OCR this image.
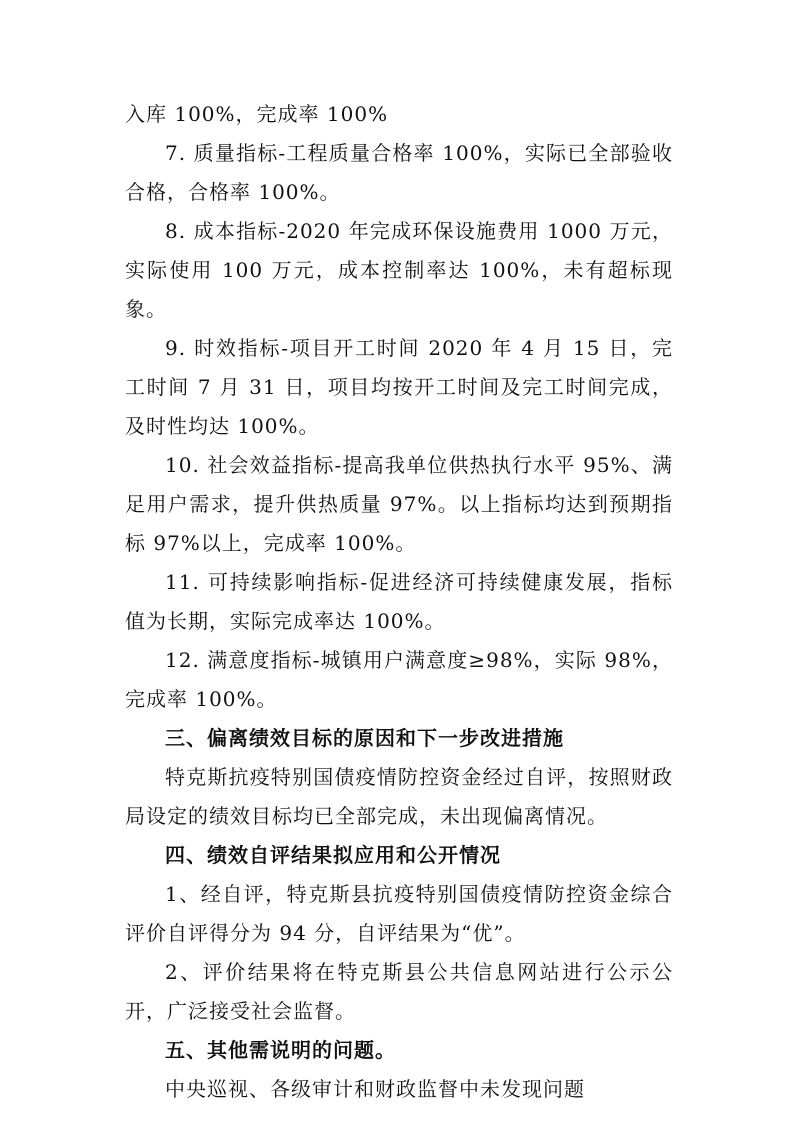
入库 100%，完成率 100%

7. 质量指标-工程质量合格率 100%，实际已全部验收合格，合格率 100%。

8. 成本指标-2020 年完成环保设施费用 1000 万元，实际使用 100 万元，成本控制率达 100%，未有超标现象。

9. 时效指标-项目开工时间 2020 年 4 月 15 日，完工时间 7 月 31 日，项目均按开工时间及完工时间完成，及时性均达 100%。

10. 社会效益指标-提高我单位供热执行水平 95%、满足用户需求，提升供热质量 97%。以上指标均达到预期指标 97%以上，完成率 100%。

11. 可持续影响指标-促进经济可持续健康发展，指标值为长期，实际完成率达 100%。

12. 满意度指标-城镇用户满意度≥98%，实际 98%，完成率 100%。

三、偏离绩效目标的原因和下一步改进措施

特克斯抗疫特别国债疫情防控资金经过自评，按照财政局设定的绩效目标均已全部完成，未出现偏离情况。

四、绩效自评结果拟应用和公开情况

1、经自评，特克斯县抗疫特别国债疫情防控资金综合评价自评得分为 94 分，自评结果为“优”。

2、评价结果将在特克斯县公共信息网站进行公示公开，广泛接受社会监督。

五、其他需说明的问题。

中央巡视、各级审计和财政监督中未发现问题
